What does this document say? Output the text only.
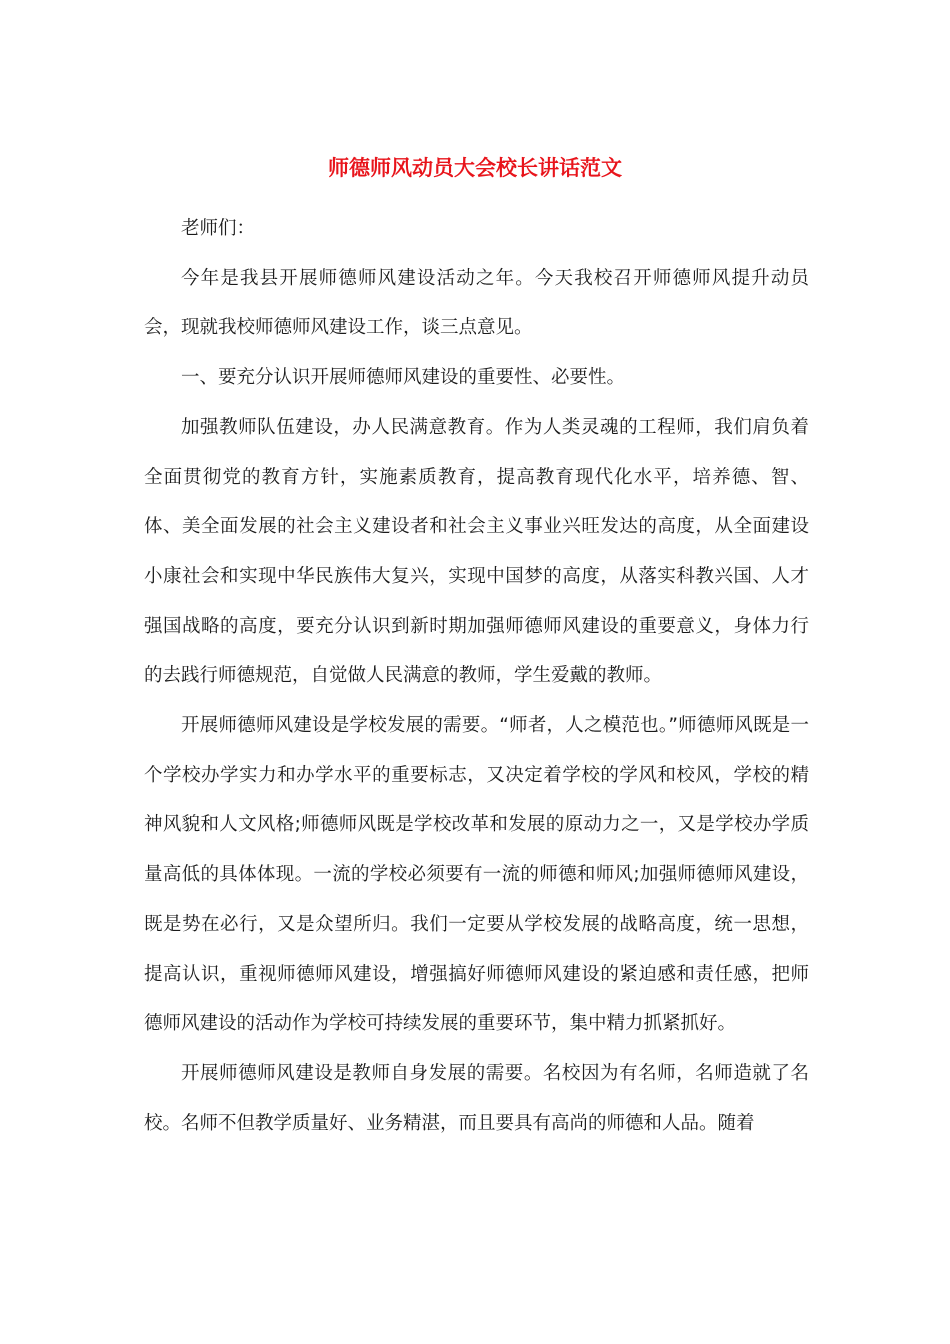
师德师风动员大会校长讲话范文

老师们：

今年是我县开展师德师风建设活动之年。今天我校召开师德师风提升动员会，现就我校师德师风建设工作，谈三点意见。

一、要充分认识开展师德师风建设的重要性、必要性。

加强教师队伍建设，办人民满意教育。作为人类灵魂的工程师，我们肩负着全面贯彻党的教育方针，实施素质教育，提高教育现代化水平，培养德、智、体、美全面发展的社会主义建设者和社会主义事业兴旺发达的高度，从全面建设小康社会和实现中华民族伟大复兴，实现中国梦的高度，从落实科教兴国、人才强国战略的高度，要充分认识到新时期加强师德师风建设的重要意义，身体力行的去践行师德规范，自觉做人民满意的教师，学生爱戴的教师。

开展师德师风建设是学校发展的需要。“师者，人之模范也。”师德师风既是一个学校办学实力和办学水平的重要标志，又决定着学校的学风和校风，学校的精神风貌和人文风格;师德师风既是学校改革和发展的原动力之一，又是学校办学质量高低的具体体现。一流的学校必须要有一流的师德和师风;加强师德师风建设，既是势在必行，又是众望所归。我们一定要从学校发展的战略高度，统一思想，提高认识，重视师德师风建设，增强搞好师德师风建设的紧迫感和责任感，把师德师风建设的活动作为学校可持续发展的重要环节，集中精力抓紧抓好。

开展师德师风建设是教师自身发展的需要。名校因为有名师，名师造就了名校。名师不但教学质量好、业务精湛，而且要具有高尚的师德和人品。随着
